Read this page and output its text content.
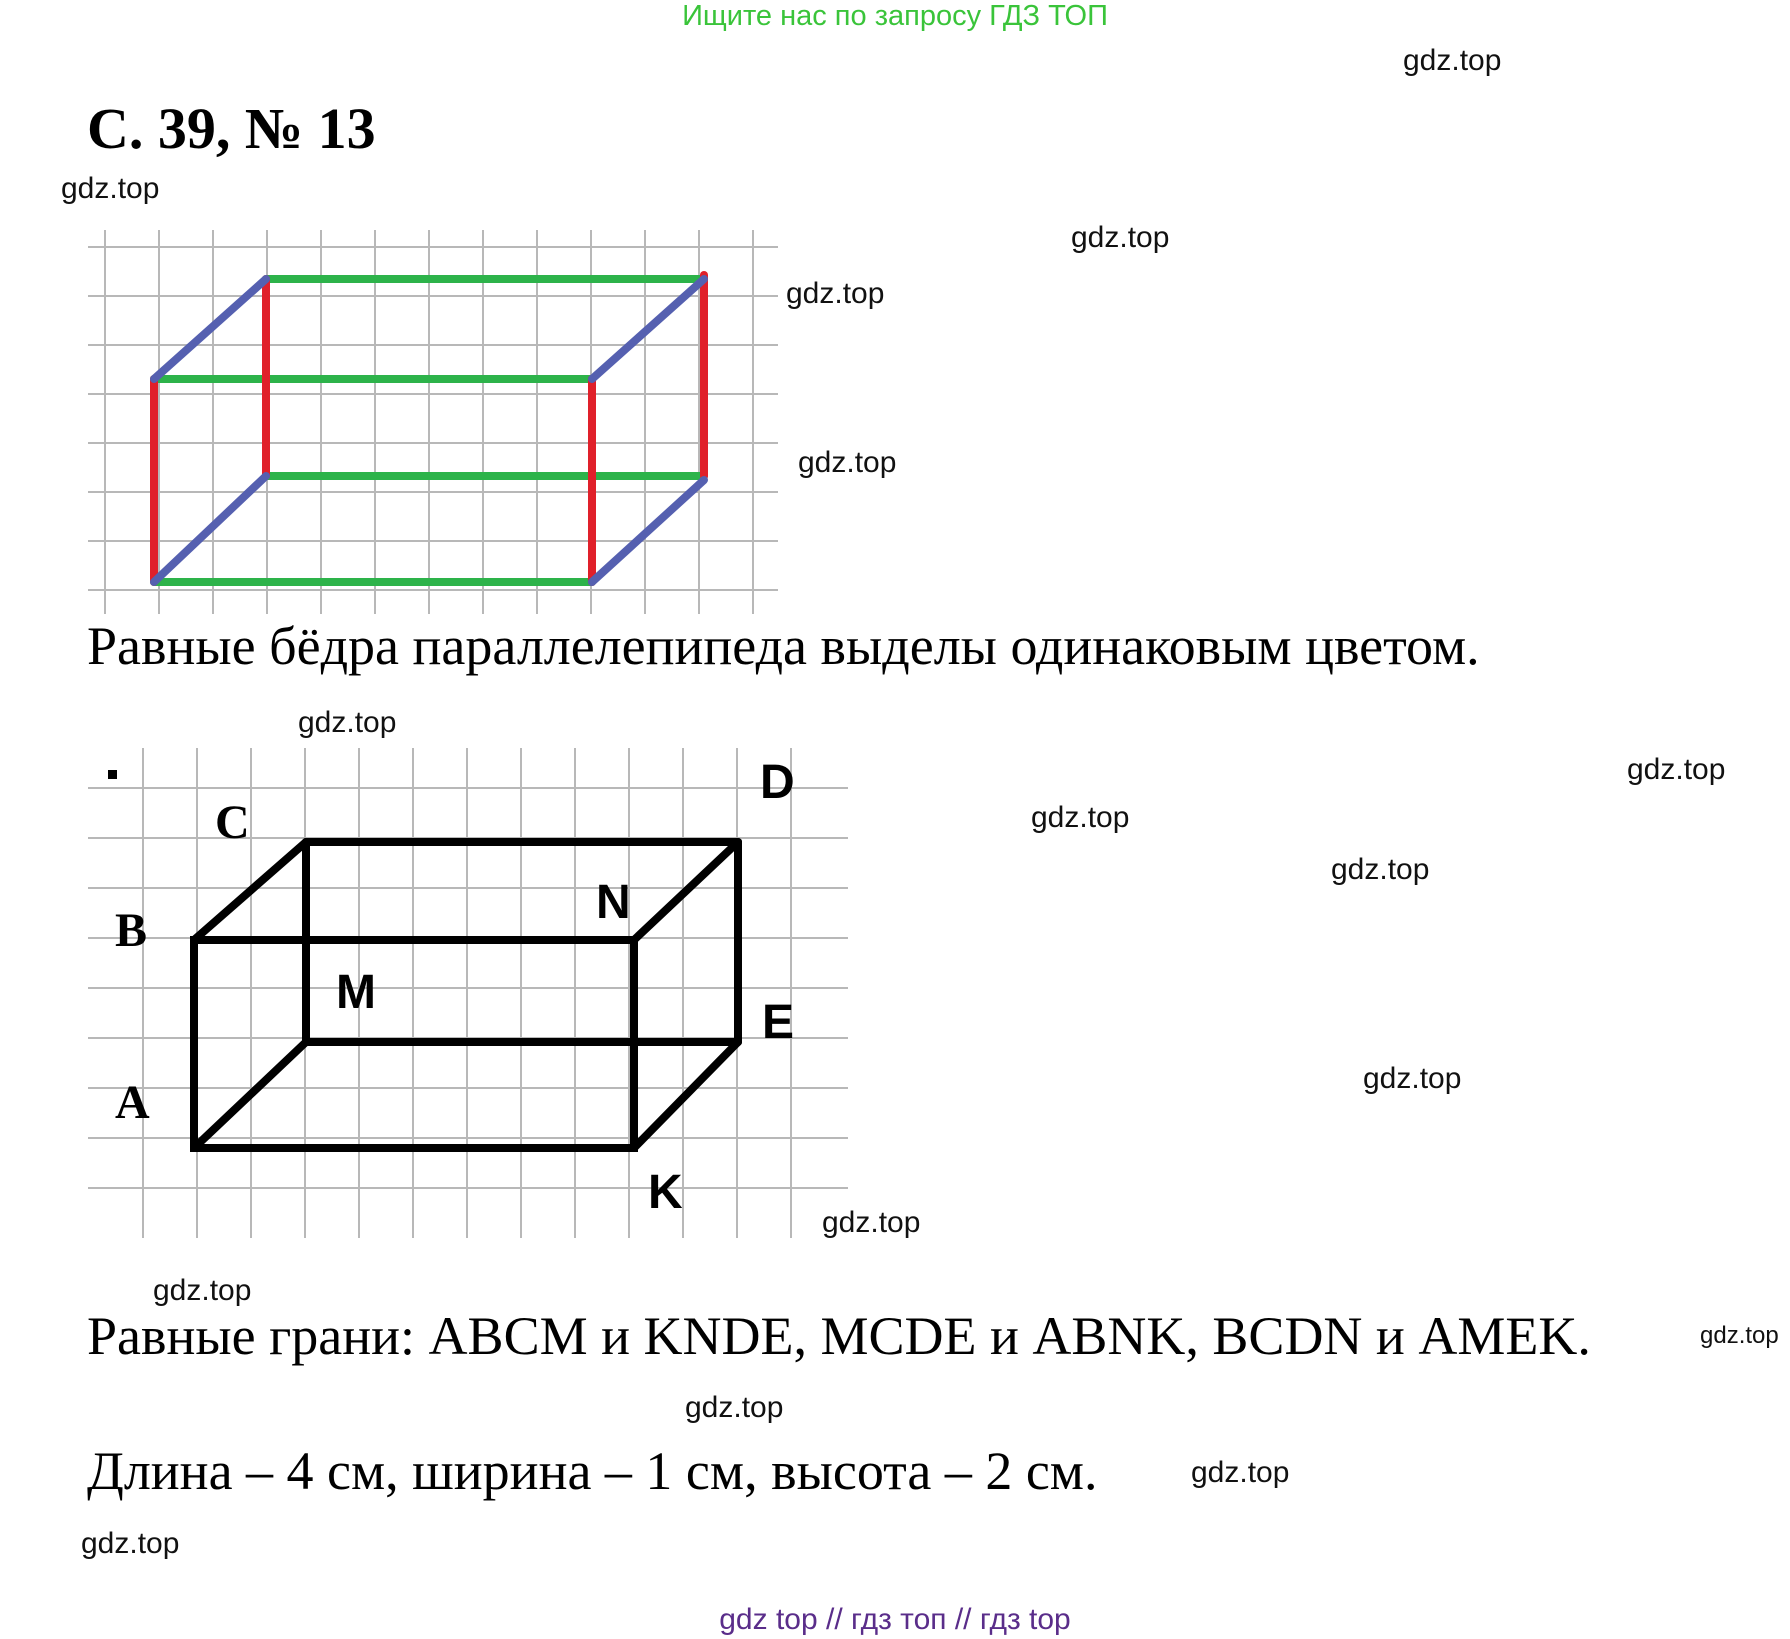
Ищите нас по запросу ГДЗ ТОП
С. 39, № 13
Равные бёдра параллелепипеда выделы одинаковым цветом.
A
B
C
D
E
K
M
N
Равные грани: ABCM и KNDE, MCDE и ABNK, BCDN и AMEK.
Длина – 4 см, ширина – 1 см, высота – 2 см.
gdz.top
gdz.top
gdz.top
gdz.top
gdz.top
gdz.top
gdz.top
gdz.top
gdz.top
gdz.top
gdz.top
gdz.top
gdz.top
gdz.top
gdz.top
gdz.top
gdz top // гдз топ // гдз top
